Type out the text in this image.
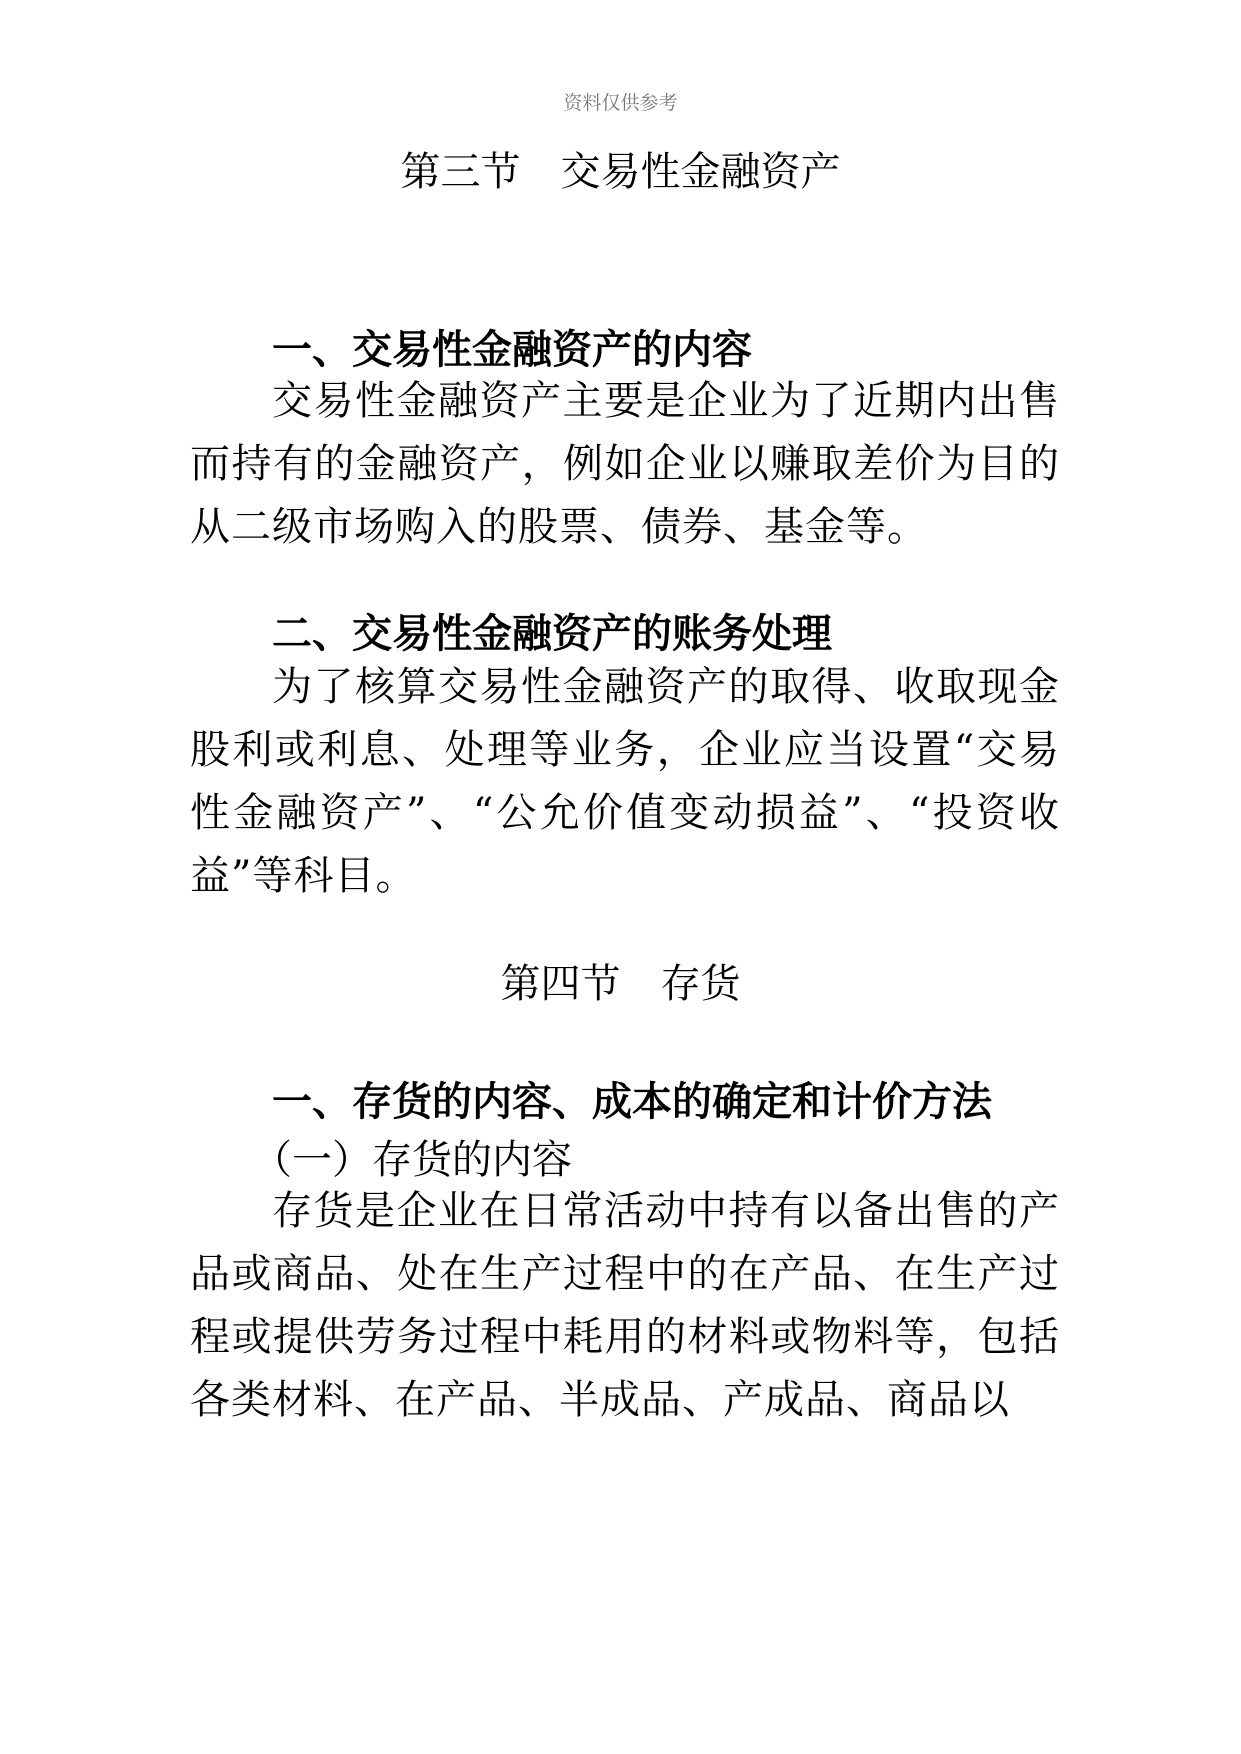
资料仅供参考
第三节　交易性金融资产
一、交易性金融资产的内容

交易性金融资产主要是企业为了近期内出售而持有的金融资产，例如企业以赚取差价为目的从二级市场购入的股票、债券、基金等。

二、交易性金融资产的账务处理

为了核算交易性金融资产的取得、收取现金股利或利息、处理等业务，企业应当设置“交易性金融资产”、“公允价值变动损益”、“投资收益”等科目。

第四节　存货
一、存货的内容、成本的确定和计价方法
（一）存货的内容

存货是企业在日常活动中持有以备出售的产品或商品、处在生产过程中的在产品、在生产过程或提供劳务过程中耗用的材料或物料等，包括各类材料、在产品、半成品、产成品、商品以
